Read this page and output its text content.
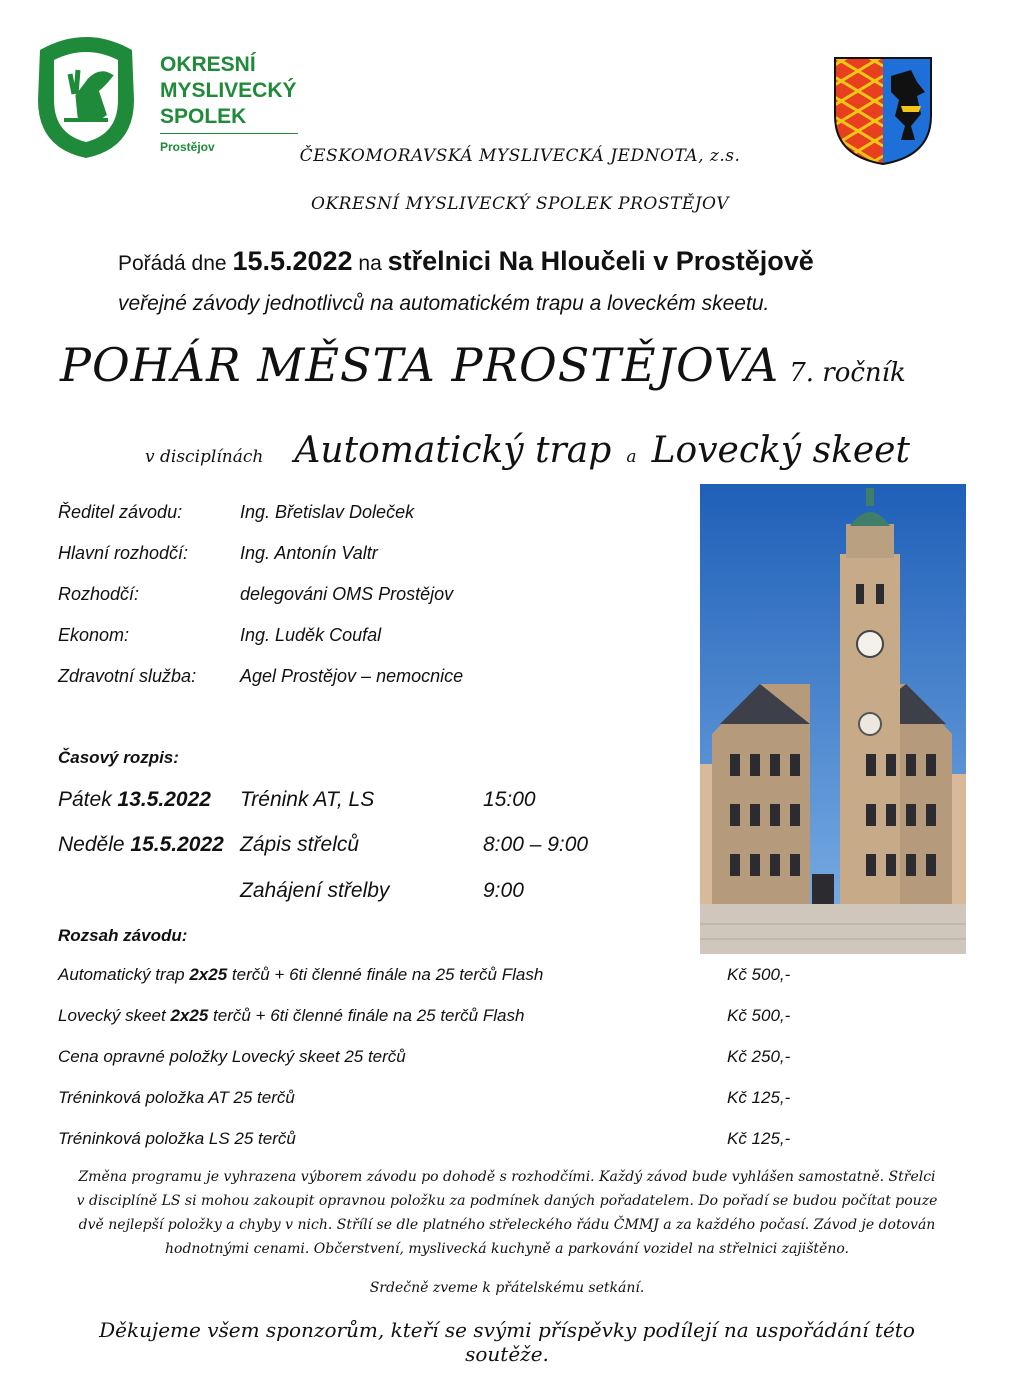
OKRESNÍ
MYSLIVECKÝ
SPOLEK
Prostějov	ČESKOMORAVSKÁ MYSLIVECKÁ JEDNOTA, z.s.
OKRESNÍ MYSLIVECKÝ SPOLEK PROSTĚJOV
Pořádá dne 15.5.2022 na střelnici Na Hloučeli v Prostějově
veřejné závody jednotlivců na automatickém trapu a loveckém skeetu.
POHÁR MĚSTA PROSTĚJOVA 7. ročník
v disciplínách Automatický trap a Lovecký skeet
Ředitel závodu:	Ing. Břetislav Doleček
Hlavní rozhodčí:	Ing. Antonín Valtr
Rozhodčí:	delegováni OMS Prostějov
Ekonom:	Ing. Luděk Coufal
Zdravotní služba: Agel Prostějov – nemocnice
Časový rozpis:
Pátek 13.5.2022 Trénink AT, LS	15:00
Neděle 15.5.2022 Zápis střelců	8:00 – 9:00
Zahájení střelby	9:00
Rozsah závodu:
Automatický trap 2x25 terčů + 6ti členné finále na 25 terčů Flash	Kč 500,-
Lovecký skeet 2x25 terčů + 6ti členné finále na 25 terčů Flash	Kč 500,-
Cena opravné položky Lovecký skeet 25 terčů	Kč 250,-
Tréninková položka AT 25 terčů	Kč 125,-
Tréninková položka LS 25 terčů	Kč 125,-
Změna programu je vyhrazena výborem závodu po dohodě s rozhodčími. Každý závod bude vyhlášen samostatně. Střelci
v disciplíně LS si mohou zakoupit opravnou položku za podmínek daných pořadatelem. Do pořadí se budou počítat pouze
dvě nejlepší položky a chyby v nich. Střílí se dle platného střeleckého řádu ČMMJ a za každého počasí. Závod je dotován
hodnotnými cenami. Občerstvení, myslivecká kuchyně a parkování vozidel na střelnici zajištěno.
Srdečně zveme k přátelskému setkání.
Děkujeme všem sponzorům, kteří se svými příspěvky podílejí na uspořádání této soutěže.
